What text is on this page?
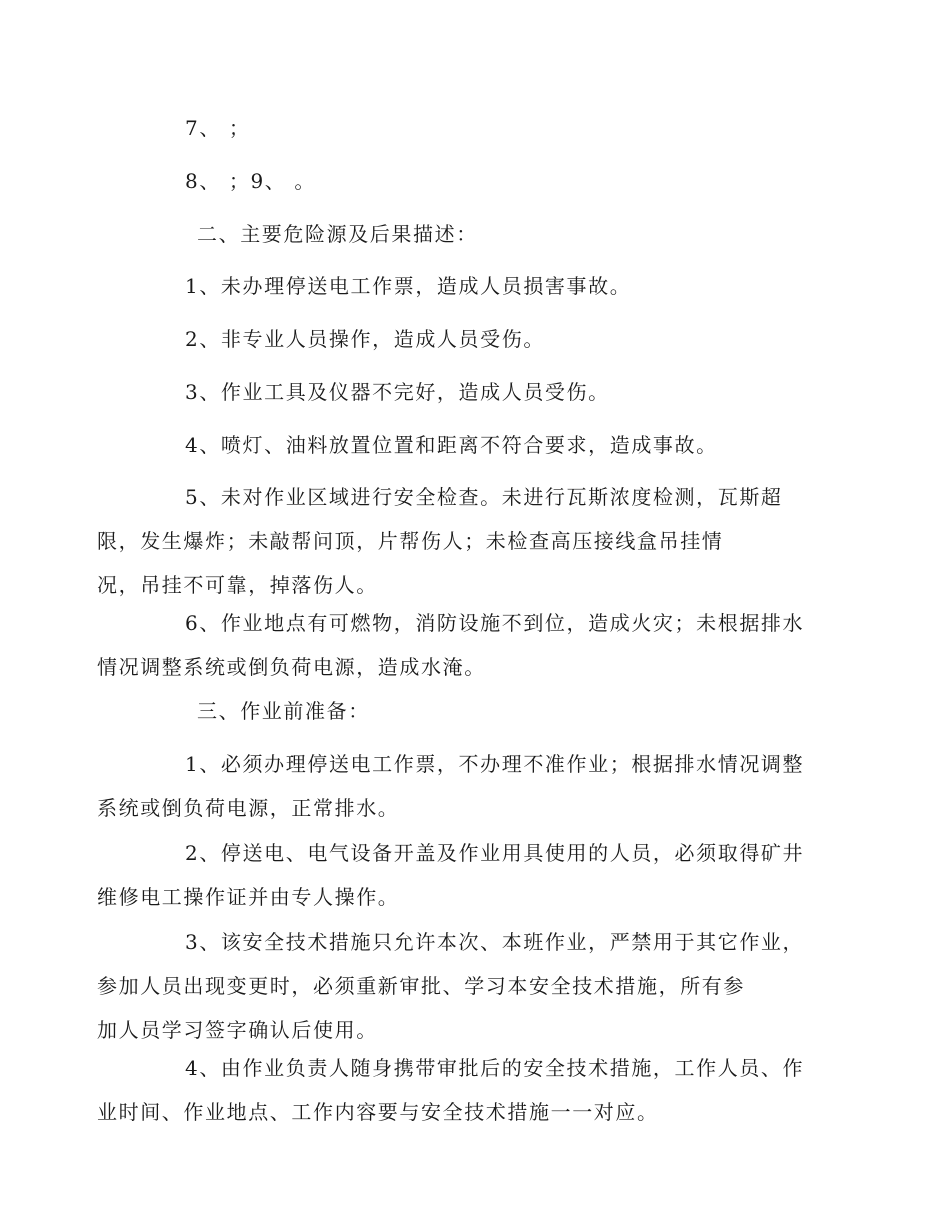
7、 ；

8、 ；9、 。

二、主要危险源及后果描述：

1、未办理停送电工作票，造成人员损害事故。

2、非专业人员操作，造成人员受伤。

3、作业工具及仪器不完好，造成人员受伤。

4、喷灯、油料放置位置和距离不符合要求，造成事故。

5、未对作业区域进行安全检查。未进行瓦斯浓度检测，瓦斯超
限，发生爆炸；未敲帮问顶，片帮伤人；未检查高压接线盒吊挂情
况，吊挂不可靠，掉落伤人。

6、作业地点有可燃物，消防设施不到位，造成火灾；未根据排水
情况调整系统或倒负荷电源，造成水淹。

三、作业前准备：

1、必须办理停送电工作票，不办理不准作业；根据排水情况调整
系统或倒负荷电源，正常排水。

2、停送电、电气设备开盖及作业用具使用的人员，必须取得矿井
维修电工操作证并由专人操作。

3、该安全技术措施只允许本次、本班作业，严禁用于其它作业，
参加人员出现变更时，必须重新审批、学习本安全技术措施，所有参
加人员学习签字确认后使用。

4、由作业负责人随身携带审批后的安全技术措施，工作人员、作
业时间、作业地点、工作内容要与安全技术措施一一对应。
